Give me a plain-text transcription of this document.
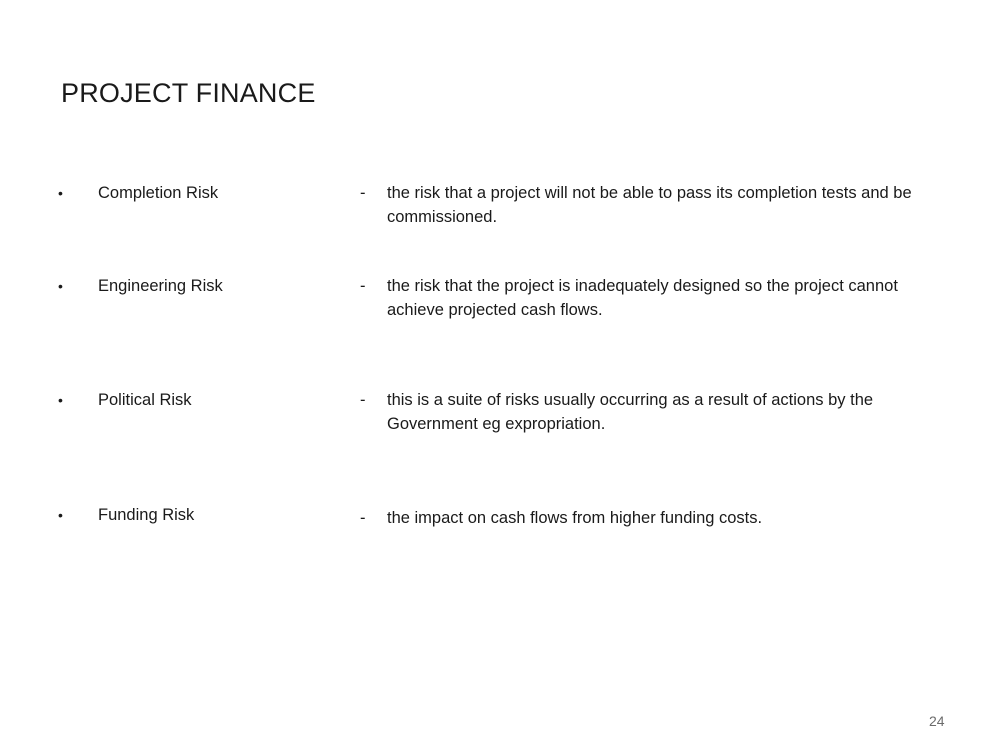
PROJECT FINANCE
•	Completion Risk	- the risk that a project will not be able to pass its completion tests and be commissioned.
•	Engineering Risk	- the risk that the project is inadequately designed so the project cannot achieve projected cash flows.
•	Political Risk	- this is a suite of risks usually occurring as a result of actions by the Government eg expropriation.
•	Funding Risk	- the impact on cash flows from higher funding costs.
24
